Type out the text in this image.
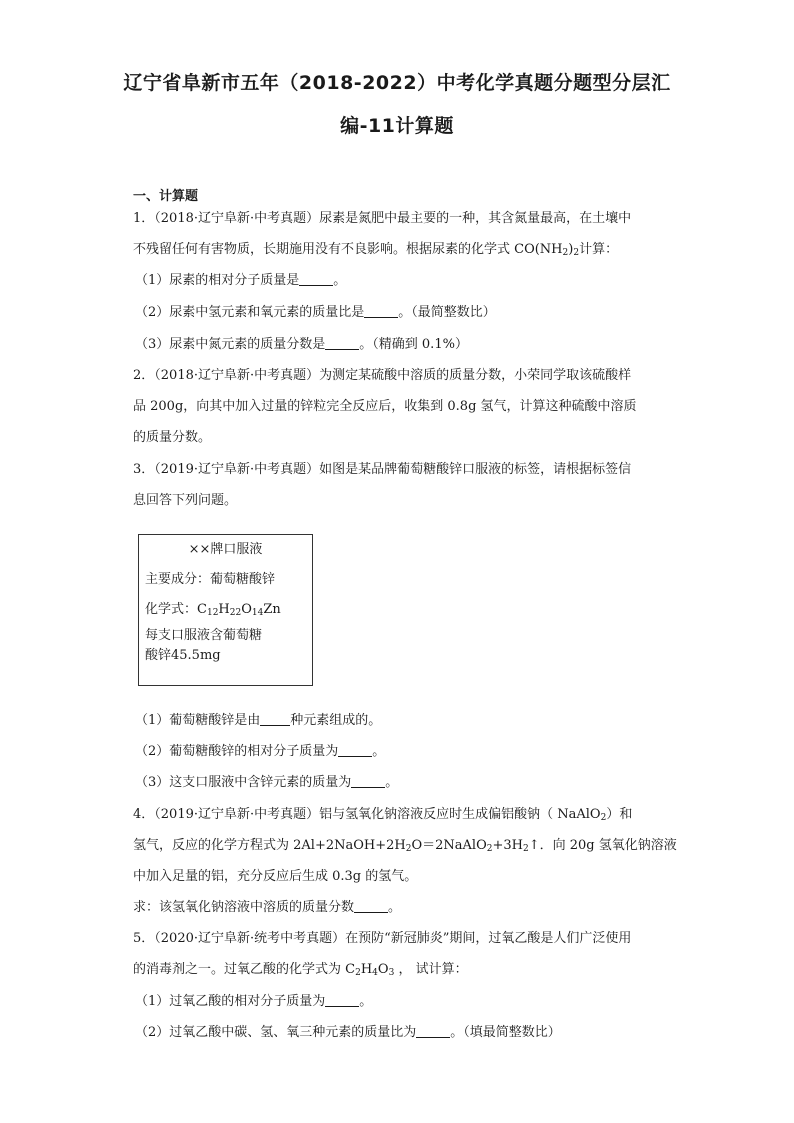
辽宁省阜新市五年（2018-2022）中考化学真题分题型分层汇
编-11计算题
一、计算题
1．（2018·辽宁阜新·中考真题）尿素是氮肥中最主要的一种，其含氮量最高，在土壤中
不残留任何有害物质，长期施用没有不良影响。根据尿素的化学式 $CO(NH_2)_2$计算：
（1）尿素的相对分子质量是	。
（2）尿素中氢元素和氧元素的质量比是	。（最简整数比）
（3）尿素中氮元素的质量分数是	。（精确到 0.1%）
2．（2018·辽宁阜新·中考真题）为测定某硫酸中溶质的质量分数，小荣同学取该硫酸样
品 200g，向其中加入过量的锌粒完全反应后，收集到 0.8g 氢气，计算这种硫酸中溶质
的质量分数。
3．（2019·辽宁阜新·中考真题）如图是某品牌葡萄糖酸锌口服液的标签，请根据标签信
息回答下列问题。
××牌口服液
主要成分：葡萄糖酸锌
化学式：$C_{12}H_{22}O_{14}Zn$
每支口服液含葡萄糖
酸锌45.5mg
（1）葡萄糖酸锌是由 种元素组成的。
（2）葡萄糖酸锌的相对分子质量为	。
（3）这支口服液中含锌元素的质量为	。
4．（2019·辽宁阜新·中考真题）铝与氢氧化钠溶液反应时生成偏铝酸钠（ NaAlO$_2$）和
氢气，反应的化学方程式为 $2Al+2NaOH+2H_2O=2NaAlO_2+3H_2↑$．向 20g 氢氧化钠溶液
中加入足量的铝，充分反应后生成 0.3g 的氢气。
求：该氢氧化钠溶液中溶质的质量分数	。
5．（2020·辽宁阜新·统考中考真题）在预防“新冠肺炎”期间，过氧乙酸是人们广泛使用
的消毒剂之一。过氧乙酸的化学式为 $C_2H_4O_3$ ， 试计算：
（1）过氧乙酸的相对分子质量为	。
（2）过氧乙酸中碳、氢、氧三种元素的质量比为	。（填最简整数比）
